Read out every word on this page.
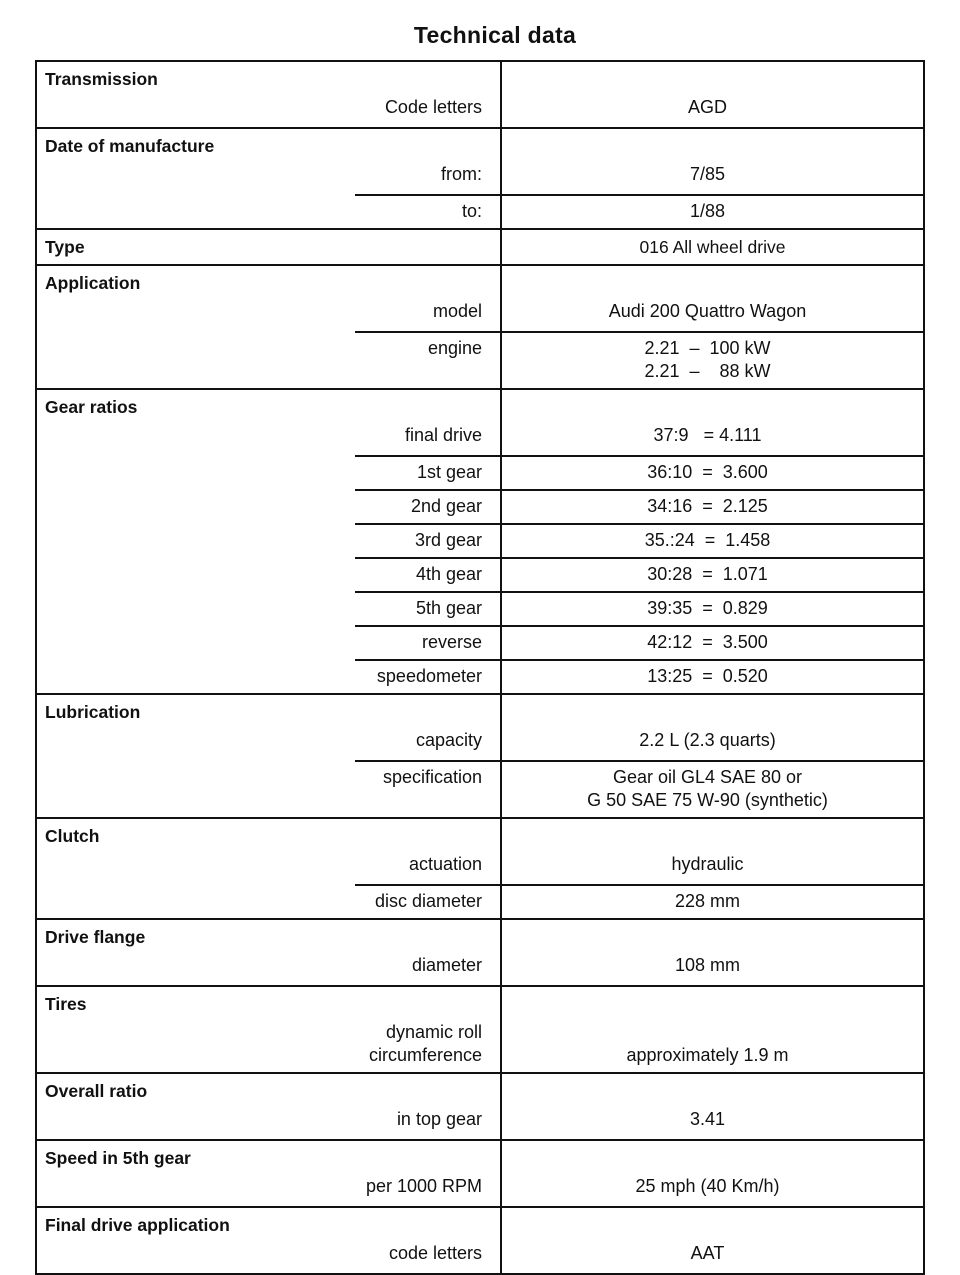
Technical data
Transmission
Code letters	AGD
Date of manufacture
from:	7/85
to:	1/88
Type	016 All wheel drive
Application
model	Audi 200 Quattro Wagon
engine	2.21  –  100 kW
2.21  –    88 kW
Gear ratios
final drive	37:9   = 4.111
1st gear	36:10  =  3.600
2nd gear	34:16  =  2.125
3rd gear	35.:24  =  1.458
4th gear	30:28  =  1.071
5th gear	39:35  =  0.829
reverse	42:12  =  3.500
speedometer	13:25  =  0.520
Lubrication
capacity	2.2 L (2.3 quarts)
specification	Gear oil GL4 SAE 80 or
G 50 SAE 75 W-90 (synthetic)
Clutch
actuation	hydraulic
disc diameter	228 mm
Drive flange
diameter	108 mm
Tires
dynamic roll
circumference	approximately 1.9 m
Overall ratio
in top gear	3.41
Speed in 5th gear
per 1000 RPM	25 mph (40 Km/h)
Final drive application
code letters	AAT
